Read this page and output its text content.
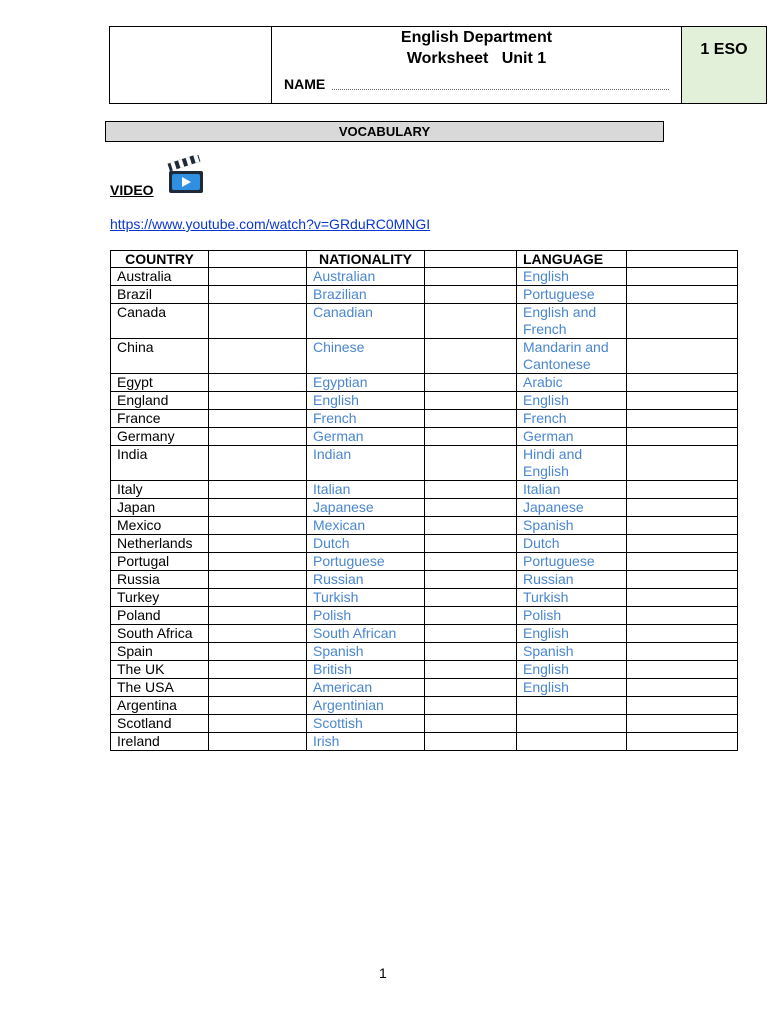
English Department
Worksheet   Unit 1
NAME

1 ESO
VOCABULARY
VIDEO
https://www.youtube.com/watch?v=GRduRC0MNGI
COUNTRY		NATIONALITY		LANGUAGE	
Australia		Australian		English	
Brazil		Brazilian		Portuguese	
Canada		Canadian		English and French	
China		Chinese		Mandarin and Cantonese	
Egypt		Egyptian		Arabic	
England		English		English	
France		French		French	
Germany		German		German	
India		Indian		Hindi and English	
Italy		Italian		Italian	
Japan		Japanese		Japanese	
Mexico		Mexican		Spanish	
Netherlands		Dutch		Dutch	
Portugal		Portuguese		Portuguese	
Russia		Russian		Russian	
Turkey		Turkish		Turkish	
Poland		Polish		Polish	
South Africa		South African		English	
Spain		Spanish		Spanish	
The UK		British		English	
The USA		American		English	
Argentina		Argentinian			
Scotland		Scottish			
Ireland		Irish			
1
